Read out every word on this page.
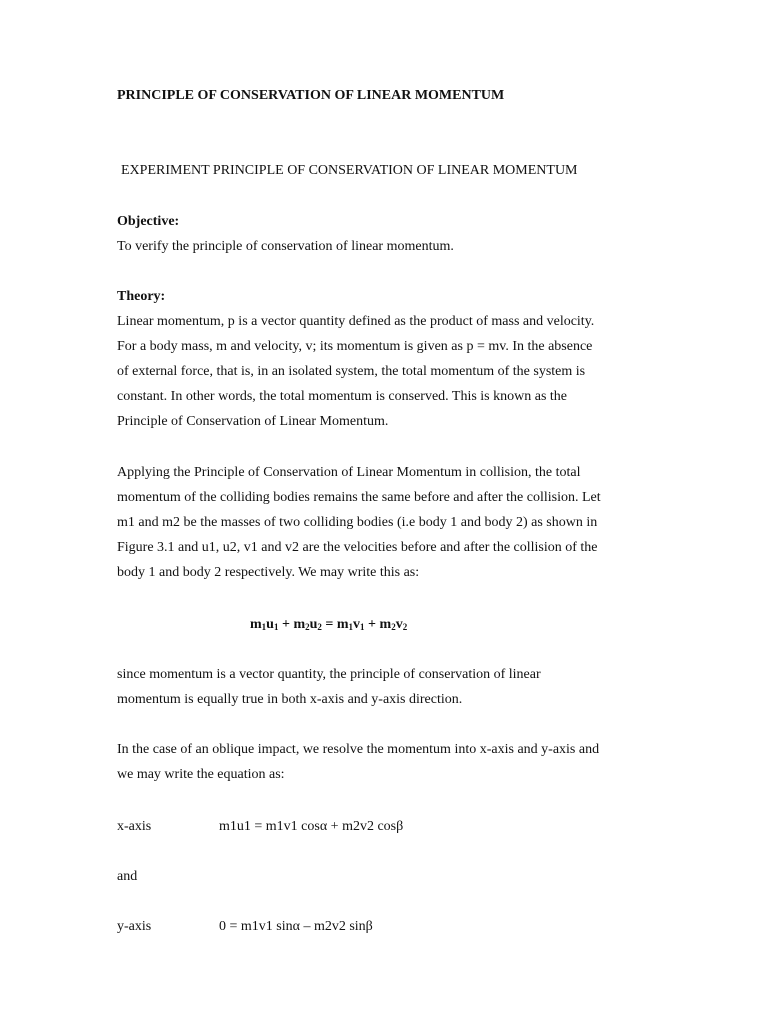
PRINCIPLE OF CONSERVATION OF LINEAR MOMENTUM
EXPERIMENT PRINCIPLE OF CONSERVATION OF LINEAR MOMENTUM
Objective:
To verify the principle of conservation of linear momentum.
Theory:
Linear momentum, p is a vector quantity defined as the product of mass and velocity.
For a body mass, m and velocity, v; its momentum is given as p = mv. In the absence
of external force, that is, in an isolated system, the total momentum of the system is
constant. In other words, the total momentum is conserved. This is known as the
Principle of Conservation of Linear Momentum.
Applying the Principle of Conservation of Linear Momentum in collision, the total
momentum of the colliding bodies remains the same before and after the collision. Let
m1 and m2 be the masses of two colliding bodies (i.e body 1 and body 2) as shown in
Figure 3.1 and u1, u2, v1 and v2 are the velocities before and after the collision of the
body 1 and body 2 respectively. We may write this as:
$m_1u_1 + m_2u_2 = m_1v_1 + m_2v_2$
since momentum is a vector quantity, the principle of conservation of linear
momentum is equally true in both x-axis and y-axis direction.
In the case of an oblique impact, we resolve the momentum into x-axis and y-axis and
we may write the equation as:
x-axis	m1u1 = m1v1 cosα + m2v2 cosβ
and
y-axis	0 = m1v1 sinα – m2v2 sinβ
